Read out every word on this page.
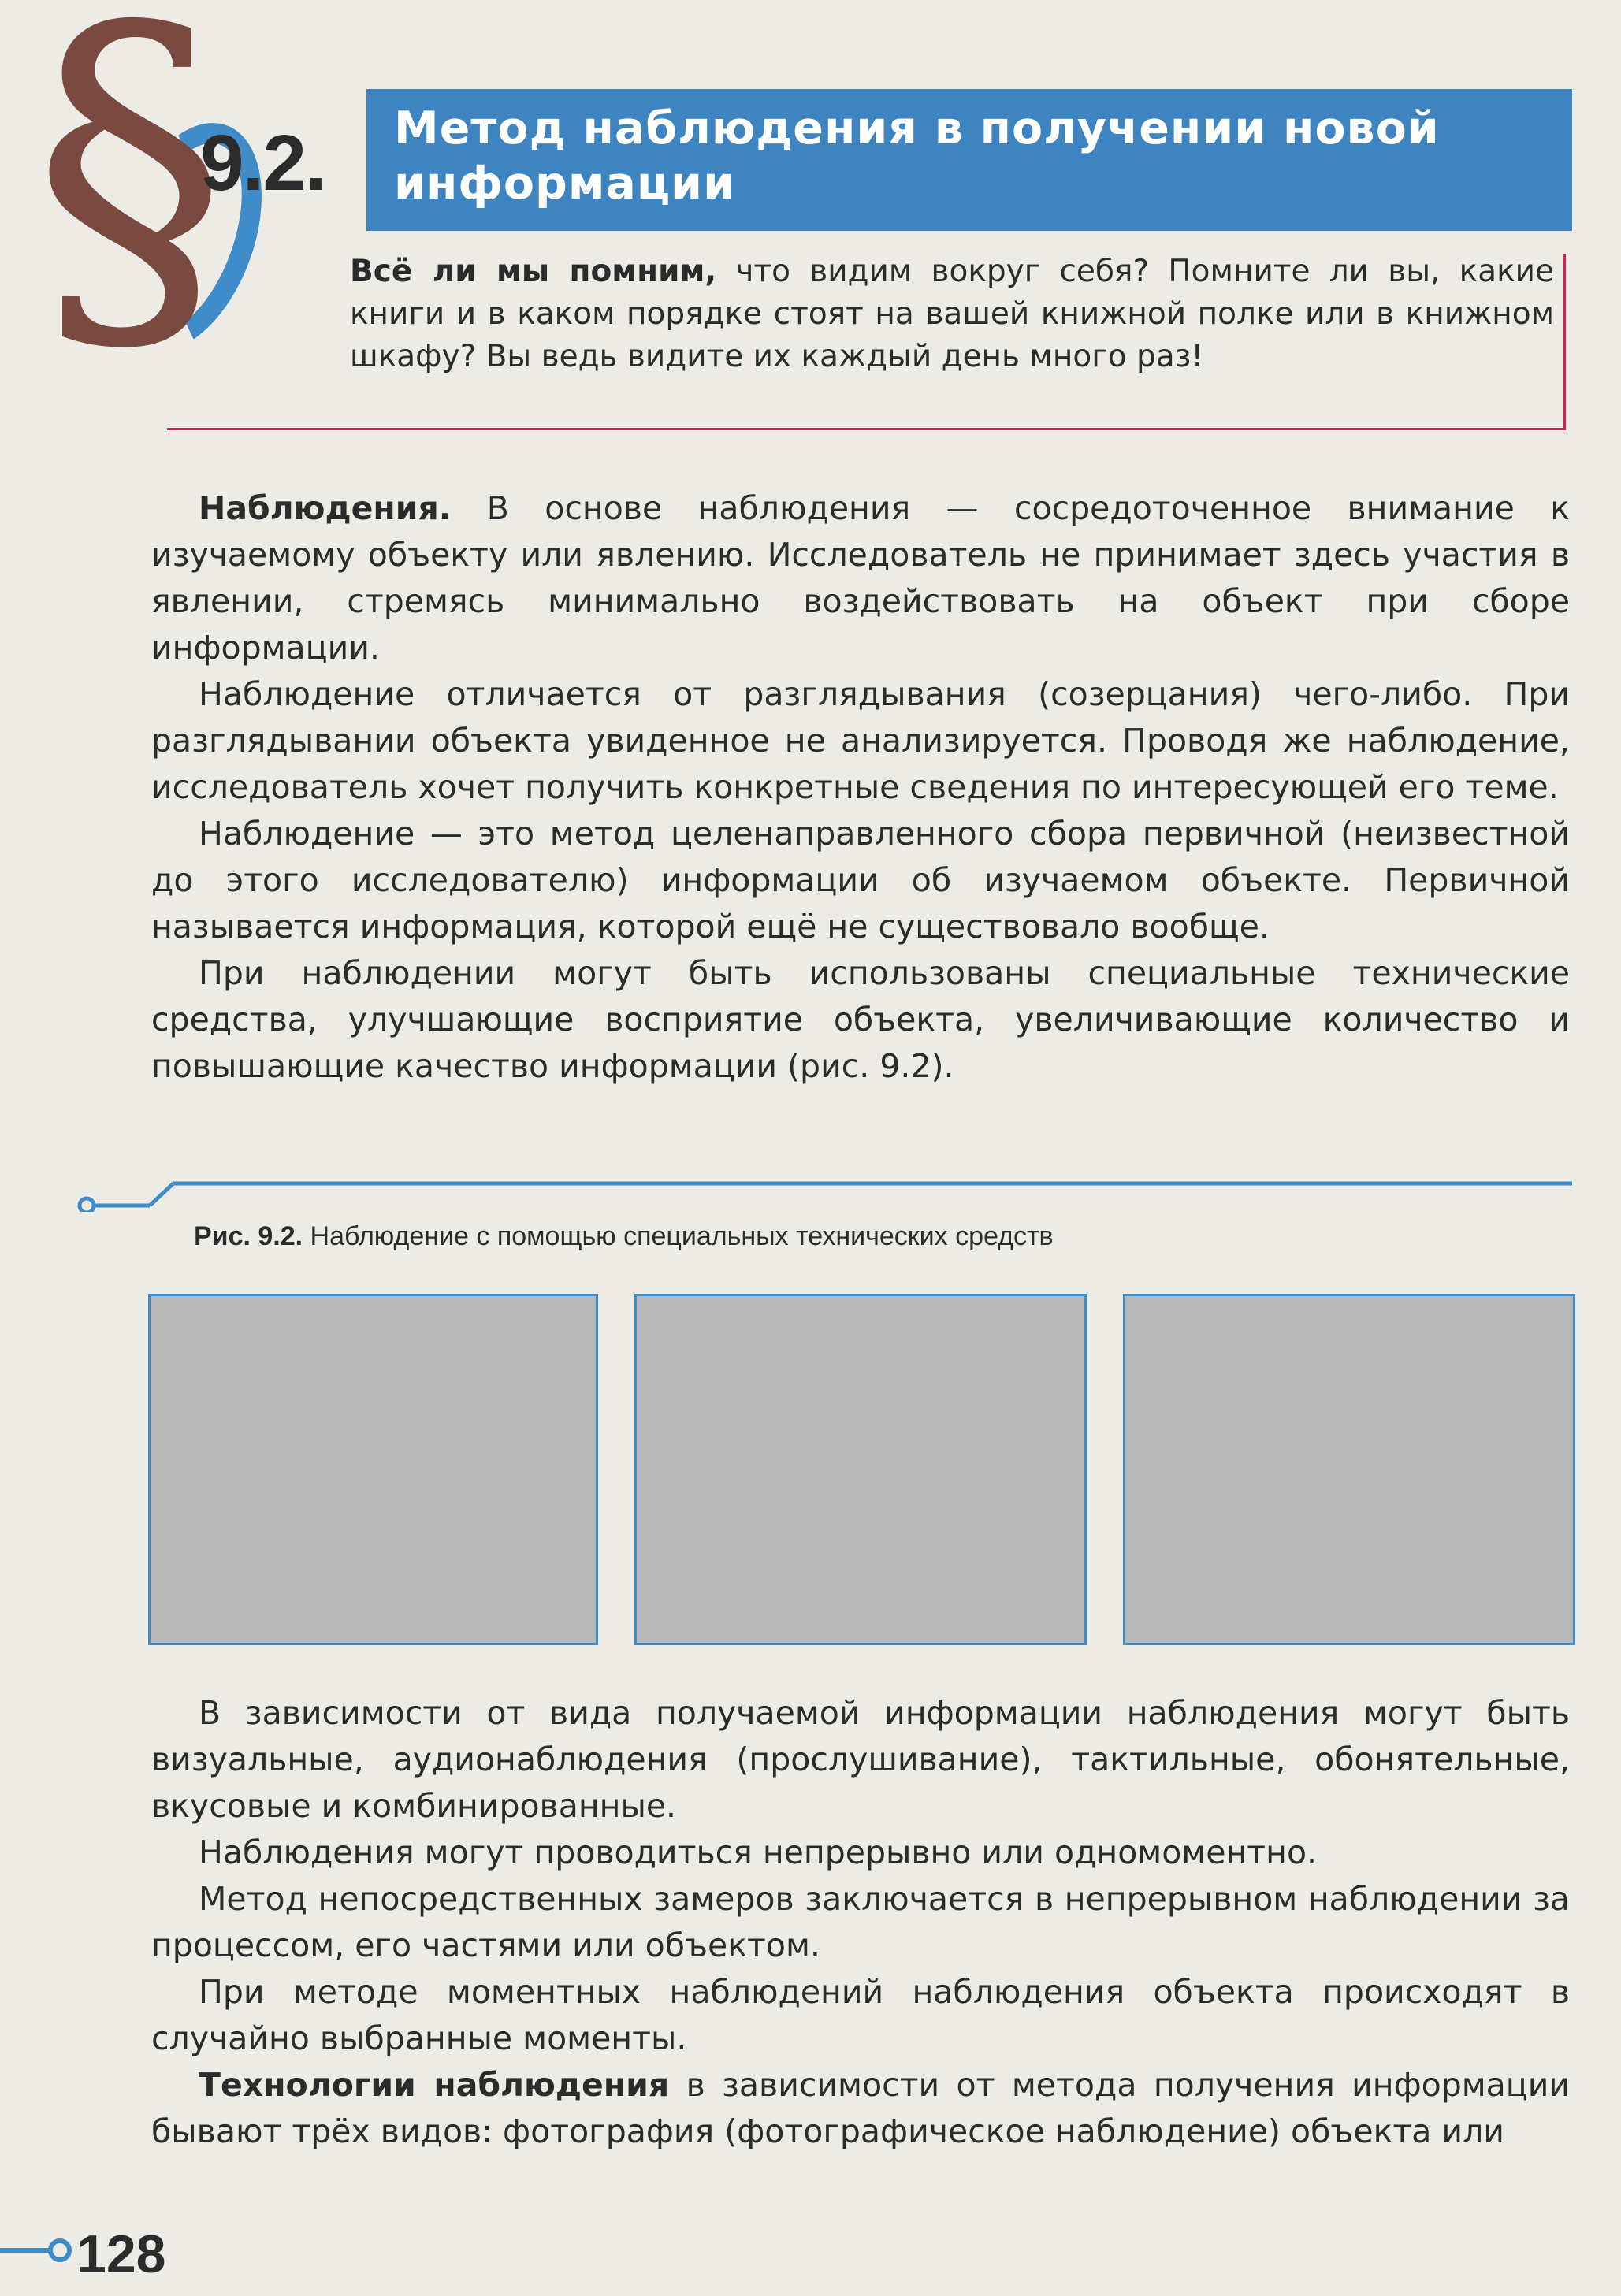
§
9.2. Метод наблюдения в получении новой информации
Всё ли мы помним, что видим вокруг себя? Помните ли вы, какие книги и в каком порядке стоят на вашей книжной полке или в книжном шкафу? Вы ведь видите их каждый день много раз!

Наблюдения. В основе наблюдения — сосредоточенное внимание к изучаемому объекту или явлению. Исследователь не принимает здесь участия в явлении, стремясь минимально воздействовать на объект при сборе информации.

Наблюдение отличается от разглядывания (созерцания) чего-либо. При разглядывании объекта увиденное не анализируется. Проводя же наблюдение, исследователь хочет получить конкретные сведения по интересующей его теме.

Наблюдение — это метод целенаправленного сбора первичной (неизвестной до этого исследователю) информации об изучаемом объекте. Первичной называется информация, которой ещё не существовало вообще.

При наблюдении могут быть использованы специальные технические средства, улучшающие восприятие объекта, увеличивающие количество и повышающие качество информации (рис. 9.2).

Рис. 9.2. Наблюдение с помощью специальных технических средств

В зависимости от вида получаемой информации наблюдения могут быть визуальные, аудионаблюдения (прослушивание), тактильные, обонятельные, вкусовые и комбинированные.

Наблюдения могут проводиться непрерывно или одномоментно.

Метод непосредственных замеров заключается в непрерывном наблюдении за процессом, его частями или объектом.

При методе моментных наблюдений наблюдения объекта происходят в случайно выбранные моменты.

Технологии наблюдения в зависимости от метода получения информации бывают трёх видов: фотография (фотографическое наблюдение) объекта или

128
